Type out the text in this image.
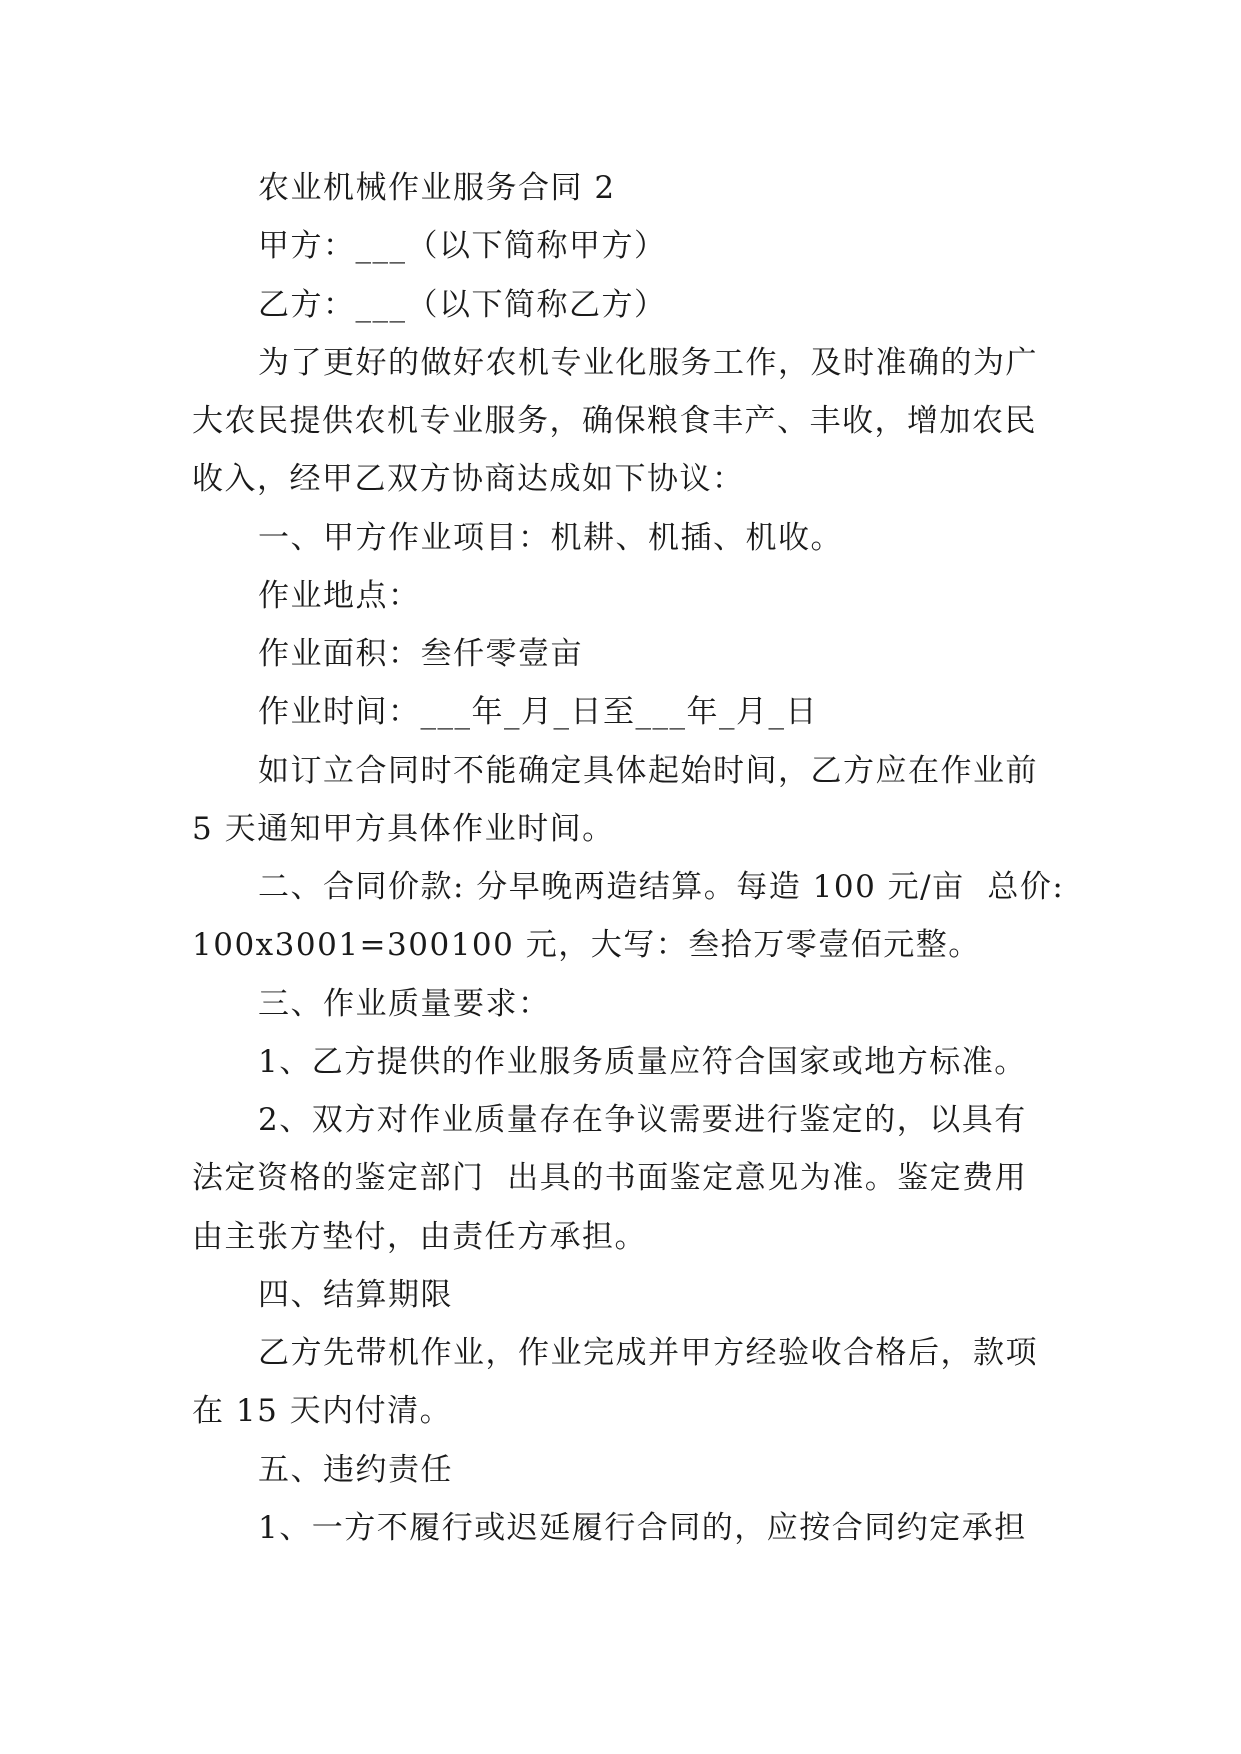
农业机械作业服务合同 2
甲方：___（以下简称甲方）
乙方：___（以下简称乙方）
为了更好的做好农机专业化服务工作，及时准确的为广
大农民提供农机专业服务，确保粮食丰产、丰收，增加农民
收入，经甲乙双方协商达成如下协议：
一、甲方作业项目：机耕、机插、机收。
作业地点：
作业面积：叁仟零壹亩
作业时间：___年_月_日至___年_月_日
如订立合同时不能确定具体起始时间，乙方应在作业前
5 天通知甲方具体作业时间。
二、合同价款: 分早晚两造结算。每造 100 元/亩  总价:
100x3001=300100 元，大写：叁拾万零壹佰元整。
三、作业质量要求：
1、乙方提供的作业服务质量应符合国家或地方标准。
2、双方对作业质量存在争议需要进行鉴定的，以具有
法定资格的鉴定部门  出具的书面鉴定意见为准。鉴定费用
由主张方垫付，由责任方承担。
四、结算期限
乙方先带机作业，作业完成并甲方经验收合格后，款项
在 15 天内付清。
五、违约责任
1、一方不履行或迟延履行合同的，应按合同约定承担
